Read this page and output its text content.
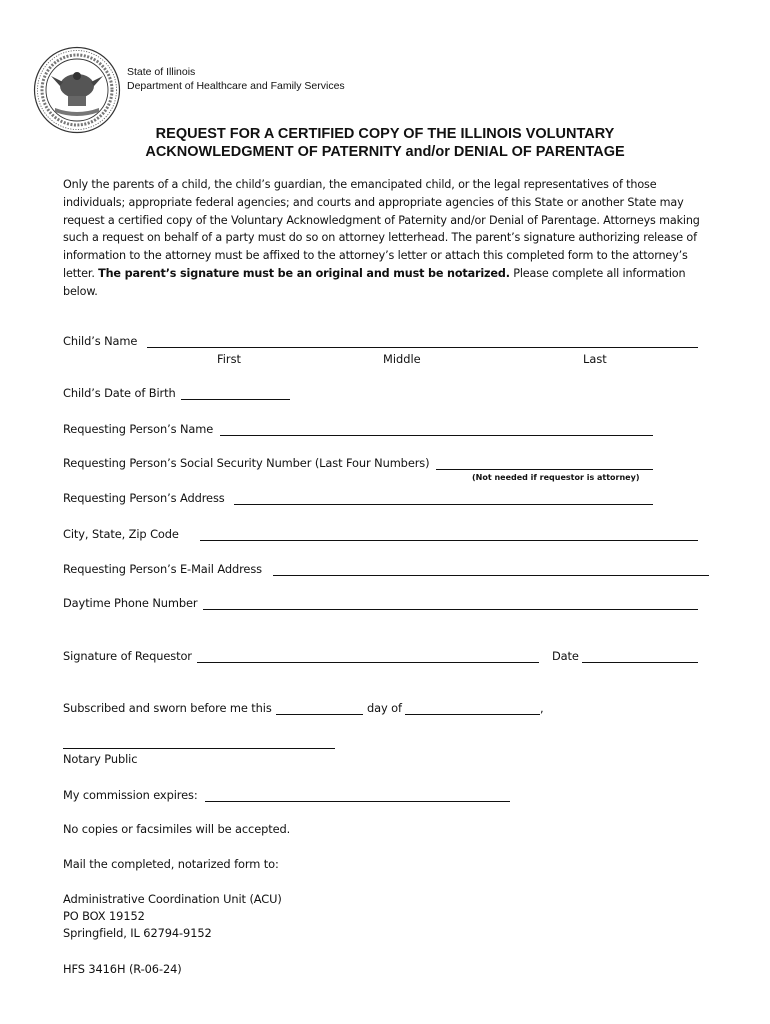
State of Illinois
Department of Healthcare and Family Services
REQUEST FOR A CERTIFIED COPY OF THE ILLINOIS VOLUNTARY
ACKNOWLEDGMENT OF PATERNITY and/or DENIAL OF PARENTAGE
Only the parents of a child, the child’s guardian, the emancipated child, or the legal representatives of those individuals; appropriate federal agencies; and courts and appropriate agencies of this State or another State may request a certified copy of the Voluntary Acknowledgment of Paternity and/or Denial of Parentage. Attorneys making such a request on behalf of a party must do so on attorney letterhead. The parent’s signature authorizing release of information to the attorney must be affixed to the attorney’s letter or attach this completed form to the attorney’s letter. The parent’s signature must be an original and must be notarized. Please complete all information below.
Child’s Name
First	Middle	Last
Child’s Date of Birth
Requesting Person’s Name
Requesting Person’s Social Security Number (Last Four Numbers)
(Not needed if requestor is attorney)
Requesting Person’s Address
City, State, Zip Code
Requesting Person’s E-Mail Address
Daytime Phone Number
Signature of Requestor	Date
Subscribed and sworn before me this	day of	,
Notary Public
My commission expires:
No copies or facsimiles will be accepted.
Mail the completed, notarized form to:
Administrative Coordination Unit (ACU)
PO BOX 19152
Springfield, IL 62794-9152
HFS 3416H (R-06-24)
